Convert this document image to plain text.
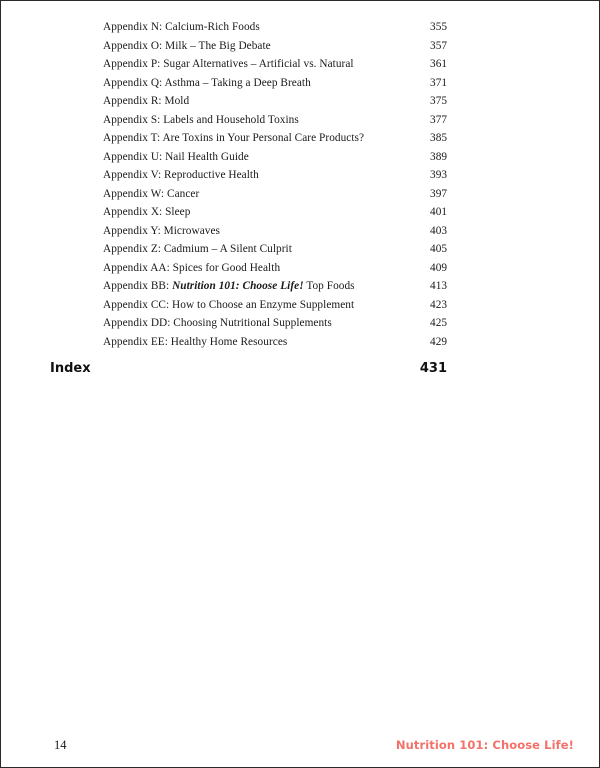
Appendix N: Calcium-Rich Foods	355
Appendix O: Milk – The Big Debate	357
Appendix P: Sugar Alternatives – Artificial vs. Natural	361
Appendix Q: Asthma – Taking a Deep Breath	371
Appendix R: Mold	375
Appendix S: Labels and Household Toxins	377
Appendix T: Are Toxins in Your Personal Care Products?	385
Appendix U: Nail Health Guide	389
Appendix V: Reproductive Health	393
Appendix W: Cancer	397
Appendix X: Sleep	401
Appendix Y: Microwaves	403
Appendix Z: Cadmium – A Silent Culprit	405
Appendix AA: Spices for Good Health	409
Appendix BB: Nutrition 101: Choose Life! Top Foods	413
Appendix CC: How to Choose an Enzyme Supplement	423
Appendix DD: Choosing Nutritional Supplements	425
Appendix EE: Healthy Home Resources	429
Index	431
14	Nutrition 101: Choose Life!
